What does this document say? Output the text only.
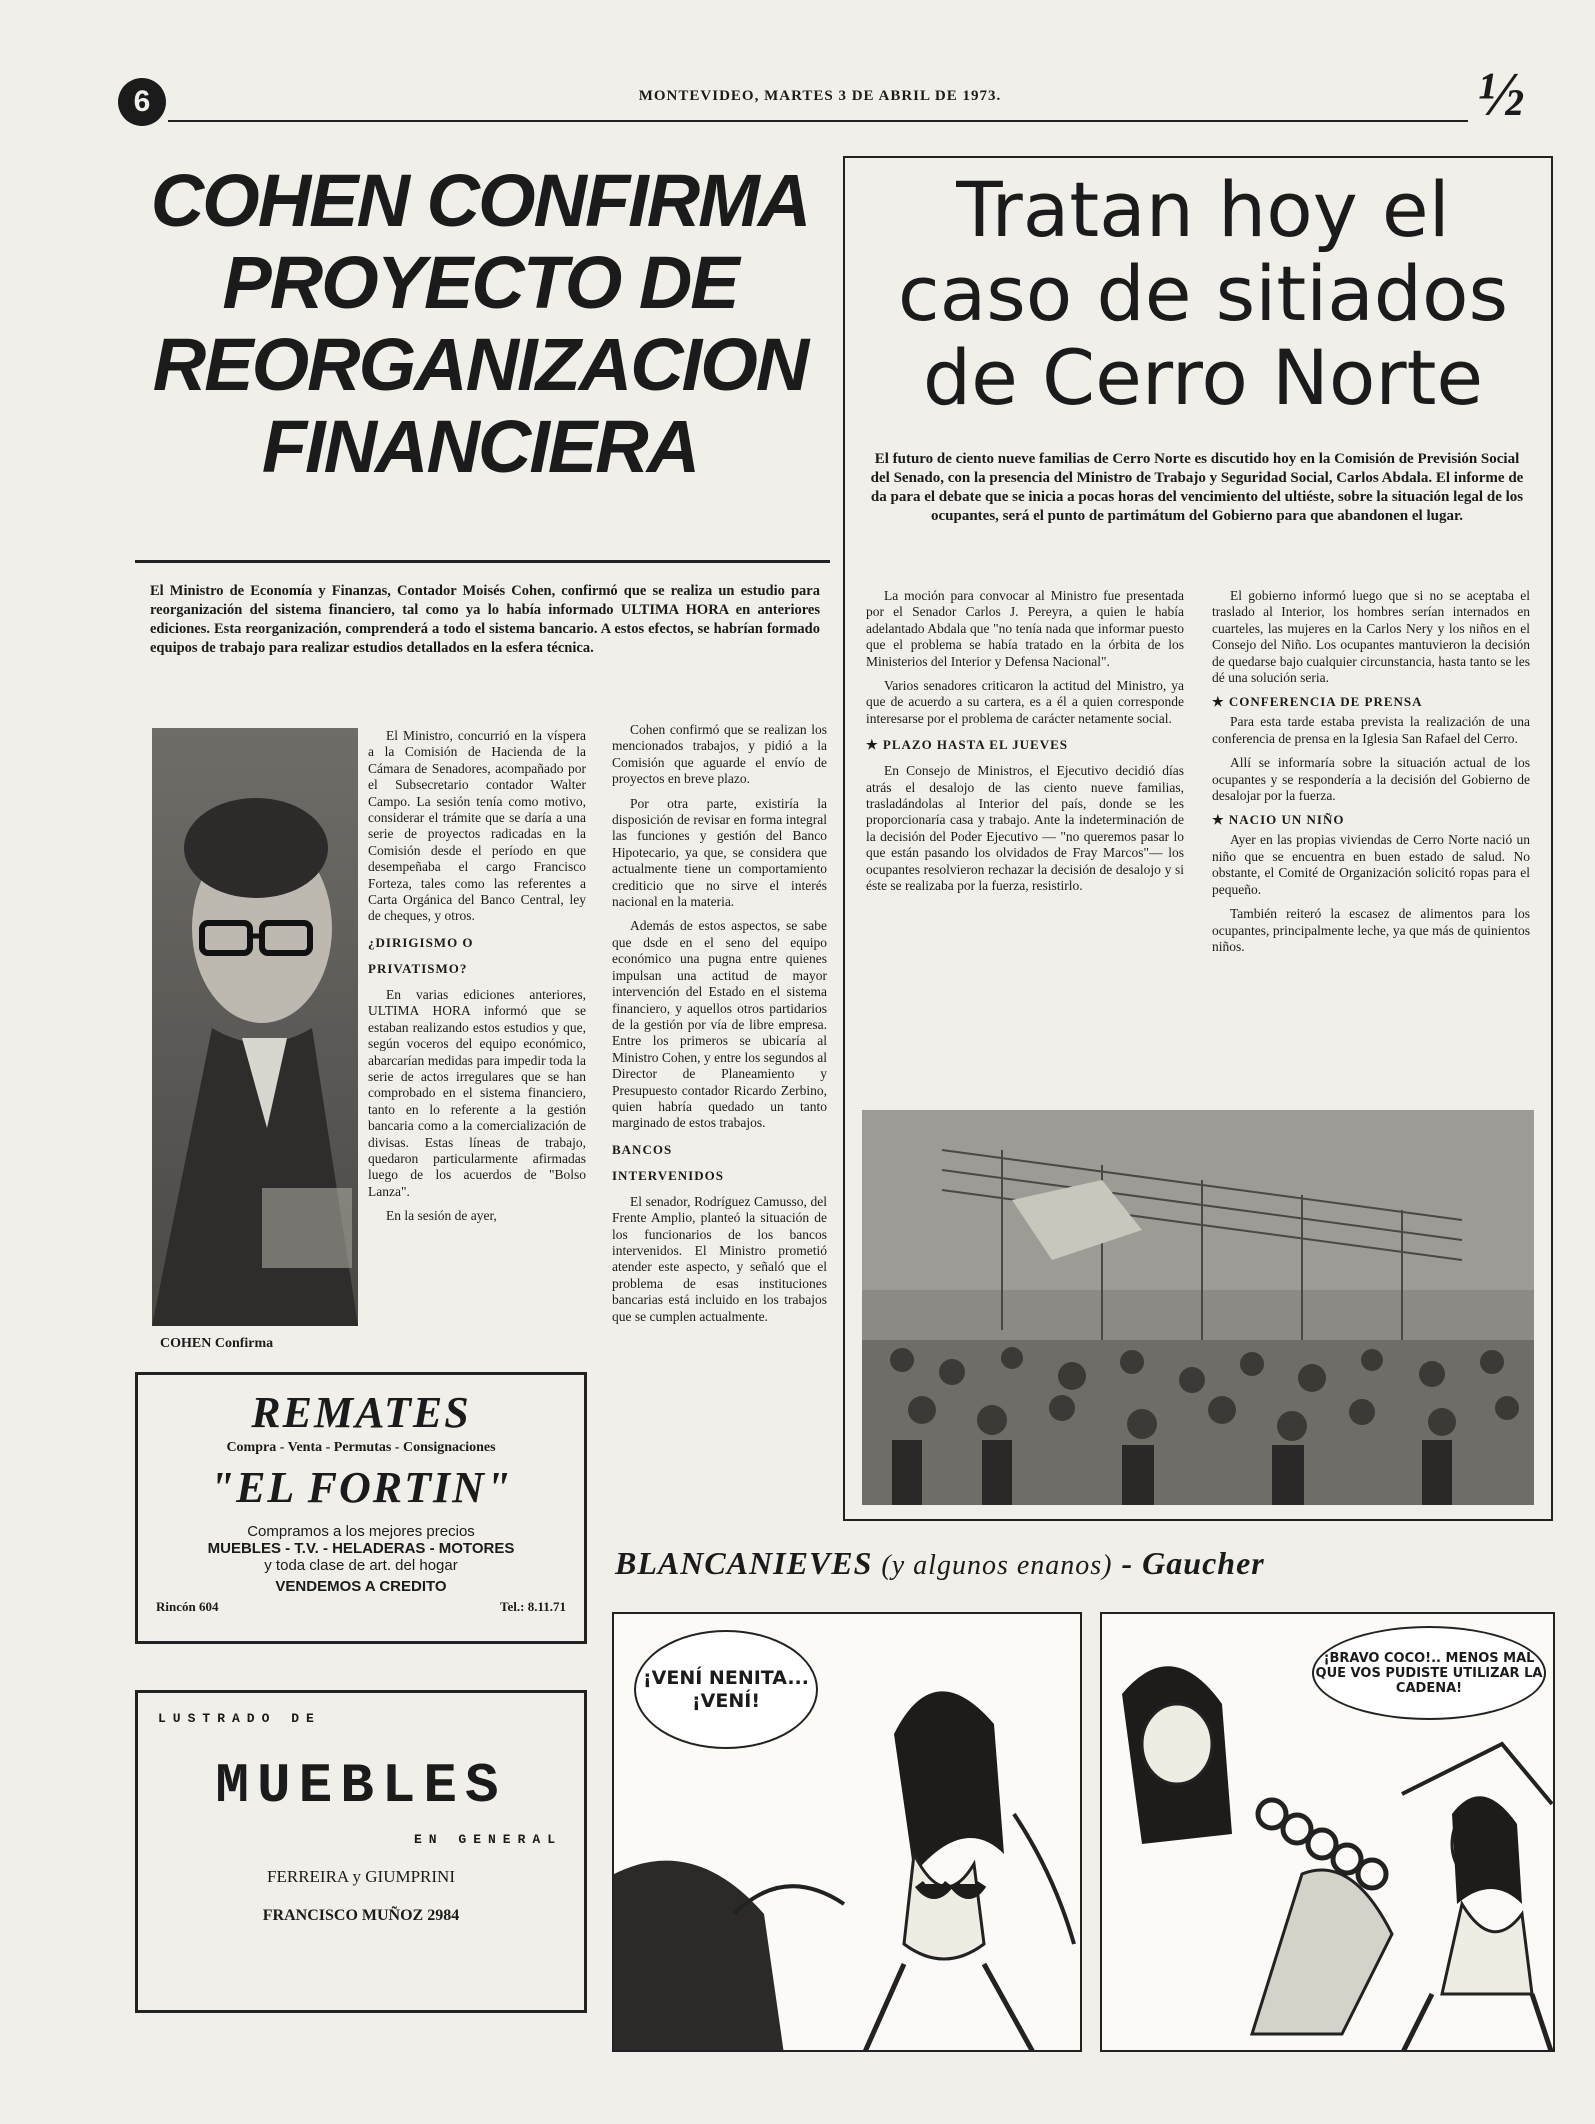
6	MONTEVIDEO, MARTES 3 DE ABRIL DE 1973.	½
COHEN CONFIRMA
PROYECTO DE
REORGANIZACION
FINANCIERA
El Ministro de Economía y Finanzas, Contador Moisés Cohen, confirmó que se realiza un estudio para reorganización del sistema financiero, tal como ya lo había informado ULTIMA HORA en anteriores ediciones. Esta reorganización, comprenderá a todo el sistema bancario. A estos efectos, se habrían formado equipos de trabajo para realizar estudios detallados en la esfera técnica.
COHEN Confirma

El Ministro, concurrió en la víspera a la Comisión de Hacienda de la Cámara de Senadores, acompañado por el Subsecretario contador Walter Campo. La sesión tenía como motivo, considerar el trámite que se daría a una serie de proyectos radicadas en la Comisión desde el período en que desempeñaba el cargo Francisco Forteza, tales como las referentes a Carta Orgánica del Banco Central, ley de cheques, y otros.

¿DIRIGISMO O

PRIVATISMO?

En varias ediciones anteriores, ULTIMA HORA informó que se estaban realizando estos estudios y que, según voceros del equipo económico, abarcarían medidas para impedir toda la serie de actos irregulares que se han comprobado en el sistema financiero, tanto en lo referente a la gestión bancaria como a la comercialización de divisas. Estas líneas de trabajo, quedaron particularmente afirmadas luego de los acuerdos de "Bolso Lanza".

En la sesión de ayer,

Cohen confirmó que se realizan los mencionados trabajos, y pidió a la Comisión que aguarde el envío de proyectos en breve plazo.

Por otra parte, existiría la disposición de revisar en forma integral las funciones y gestión del Banco Hipotecario, ya que, se considera que actualmente tiene un comportamiento crediticio que no sirve el interés nacional en la materia.

Además de estos aspectos, se sabe que dsde en el seno del equipo económico una pugna entre quienes impulsan una actitud de mayor intervención del Estado en el sistema financiero, y aquellos otros partidarios de la gestión por vía de libre empresa. Entre los primeros se ubicaría al Ministro Cohen, y entre los segundos al Director de Planeamiento y Presupuesto contador Ricardo Zerbino, quien habría quedado un tanto marginado de estos trabajos.

BANCOS

INTERVENIDOS

El senador, Rodríguez Camusso, del Frente Amplio, planteó la situación de los funcionarios de los bancos intervenidos. El Ministro prometió atender este aspecto, y señaló que el problema de esas instituciones bancarias está incluido en los trabajos que se cumplen actualmente.

REMATES
Compra - Venta - Permutas - Consignaciones
"EL FORTIN"
Compramos a los mejores precios
MUEBLES - T.V. - HELADERAS - MOTORES
y toda clase de art. del hogar
VENDEMOS A CREDITO
Rincón 604	Tel.: 8.11.71
LUSTRADO DE
MUEBLES
EN GENERAL
FERREIRA y GIUMPRINI
FRANCISCO MUÑOZ 2984
Tratan hoy el
caso de sitiados
de Cerro Norte
El futuro de ciento nueve familias de Cerro Norte es discutido hoy en la Comisión de Previsión Social del Senado, con la presencia del Ministro de Trabajo y Seguridad Social, Carlos Abdala. El informe de da para el debate que se inicia a pocas horas del vencimiento del ultiéste, sobre la situación legal de los ocupantes, será el punto de partimátum del Gobierno para que abandonen el lugar.

La moción para convocar al Ministro fue presentada por el Senador Carlos J. Pereyra, a quien le había adelantado Abdala que "no tenía nada que informar puesto que el problema se había tratado en la órbita de los Ministerios del Interior y Defensa Nacional".

Varios senadores criticaron la actitud del Ministro, ya que de acuerdo a su cartera, es a él a quien corresponde interesarse por el problema de carácter netamente social.

★ PLAZO HASTA EL JUEVES

En Consejo de Ministros, el Ejecutivo decidió días atrás el desalojo de las ciento nueve familias, trasladándolas al Interior del país, donde se les proporcionaría casa y trabajo. Ante la indeterminación de la decisión del Poder Ejecutivo — "no queremos pasar lo que están pasando los olvidados de Fray Marcos"— los ocupantes resolvieron rechazar la decisión de desalojo y si éste se realizaba por la fuerza, resistirlo.

El gobierno informó luego que si no se aceptaba el traslado al Interior, los hombres serían internados en cuarteles, las mujeres en la Carlos Nery y los niños en el Consejo del Niño. Los ocupantes mantuvieron la decisión de quedarse bajo cualquier circunstancia, hasta tanto se les dé una solución seria.

★ CONFERENCIA DE PRENSA

Para esta tarde estaba prevista la realización de una conferencia de prensa en la Iglesia San Rafael del Cerro.

Allí se informaría sobre la situación actual de los ocupantes y se respondería a la decisión del Gobierno de desalojar por la fuerza.

★ NACIO UN NIÑO

Ayer en las propias viviendas de Cerro Norte nació un niño que se encuentra en buen estado de salud. No obstante, el Comité de Organización solicitó ropas para el pequeño.

También reiteró la escasez de alimentos para los ocupantes, principalmente leche, ya que más de quinientos niños.

BLANCANIEVES (y algunos enanos) - Gaucher
¡VENÍ NENITA... ¡VENÍ!
¡BRAVO COCO!.. MENOS MAL QUE VOS PUDISTE UTILIZAR LA CADENA!
